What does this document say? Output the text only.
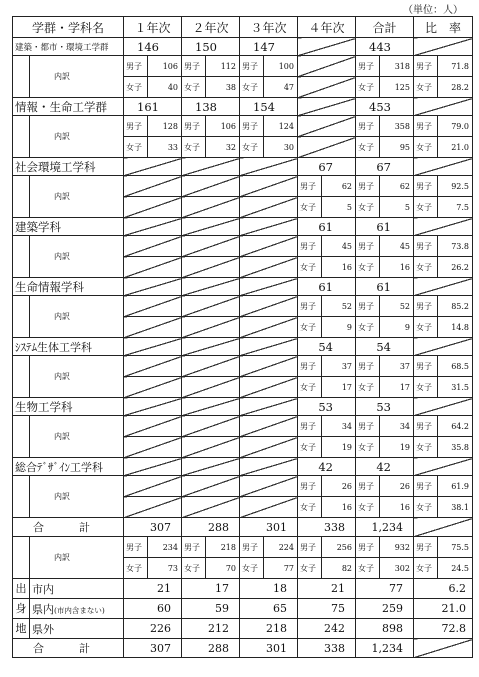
（単位：人）
学群・学科名		１年次		２年次		３年次		４年次		合計		比　率	
建築・都市・環境工学群		146		150		147				443			
	内訳	男子	106	男子	112	男子	100			男子	318	男子	71.8
		女子	40	女子	38	女子	47			女子	125	女子	28.2
情報・生命工学群		161		138		154				453			
	内訳	男子	128	男子	106	男子	124			男子	358	男子	79.0
		女子	33	女子	32	女子	30			女子	95	女子	21.0
社会環境工学科								67		67			
	内訳							男子	62	男子	62	男子	92.5
								女子	5	女子	5	女子	7.5
建築学科								61		61			
	内訳							男子	45	男子	45	男子	73.8
								女子	16	女子	16	女子	26.2
生命情報学科								61		61			
	内訳							男子	52	男子	52	男子	85.2
								女子	9	女子	9	女子	14.8
ｼｽﾃﾑ生体工学科								54		54			
	内訳							男子	37	男子	37	男子	68.5
								女子	17	女子	17	女子	31.5
生物工学科								53		53			
	内訳							男子	34	男子	34	男子	64.2
								女子	19	女子	19	女子	35.8
総合ﾃﾞｻﾞｲﾝ工学科								42		42			
	内訳							男子	26	男子	26	男子	61.9
								女子	16	女子	16	女子	38.1
合　計		307		288		301		338		1,234			
	内訳	男子	234	男子	218	男子	224	男子	256	男子	932	男子	75.5
		女子	73	女子	70	女子	77	女子	82	女子	302	女子	24.5
出	市内	21		17		18		21		77		6.2	
身	県内(市内含まない)	60		59		65		75		259		21.0	
地	県外	226		212		218		242		898		72.8	
合　計		307		288		301		338		1,234			
